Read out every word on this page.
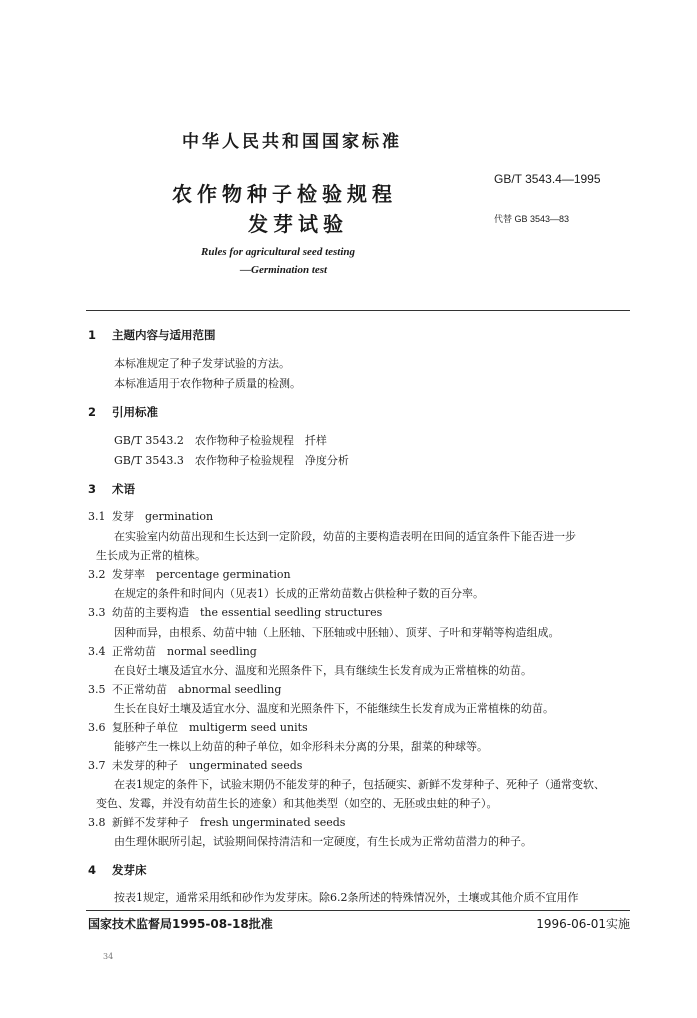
中华人民共和国国家标准
农作物种子检验规程
发芽试验
Rules for agricultural seed testing
—Germination test
GB/T 3543.4—1995
代替 GB 3543—83
1 主题内容与适用范围
本标准规定了种子发芽试验的方法。
本标准适用于农作物种子质量的检测。
2 引用标准
GB/T 3543.2　农作物种子检验规程　扦样
GB/T 3543.3　农作物种子检验规程　净度分析
3 术语
3.1 发芽　germination
在实验室内幼苗出现和生长达到一定阶段，幼苗的主要构造表明在田间的适宜条件下能否进一步
生长成为正常的植株。
3.2 发芽率　percentage germination
在规定的条件和时间内（见表1）长成的正常幼苗数占供检种子数的百分率。
3.3 幼苗的主要构造　the essential seedling structures
因种而异，由根系、幼苗中轴（上胚轴、下胚轴或中胚轴）、顶芽、子叶和芽鞘等构造组成。
3.4 正常幼苗　normal seedling
在良好土壤及适宜水分、温度和光照条件下，具有继续生长发育成为正常植株的幼苗。
3.5 不正常幼苗　abnormal seedling
生长在良好土壤及适宜水分、温度和光照条件下，不能继续生长发育成为正常植株的幼苗。
3.6 复胚种子单位　multigerm seed units
能够产生一株以上幼苗的种子单位，如伞形科未分离的分果，甜菜的种球等。
3.7 未发芽的种子　ungerminated seeds
在表1规定的条件下，试验末期仍不能发芽的种子，包括硬实、新鲜不发芽种子、死种子（通常变软、
变色、发霉，并没有幼苗生长的迹象）和其他类型（如空的、无胚或虫蛀的种子）。
3.8 新鲜不发芽种子　fresh ungerminated seeds
由生理休眠所引起，试验期间保持清洁和一定硬度，有生长成为正常幼苗潜力的种子。
4 发芽床
按表1规定，通常采用纸和砂作为发芽床。除6.2条所述的特殊情况外，土壤或其他介质不宜用作
国家技术监督局1995-08-18批准	1996-06-01实施
34
